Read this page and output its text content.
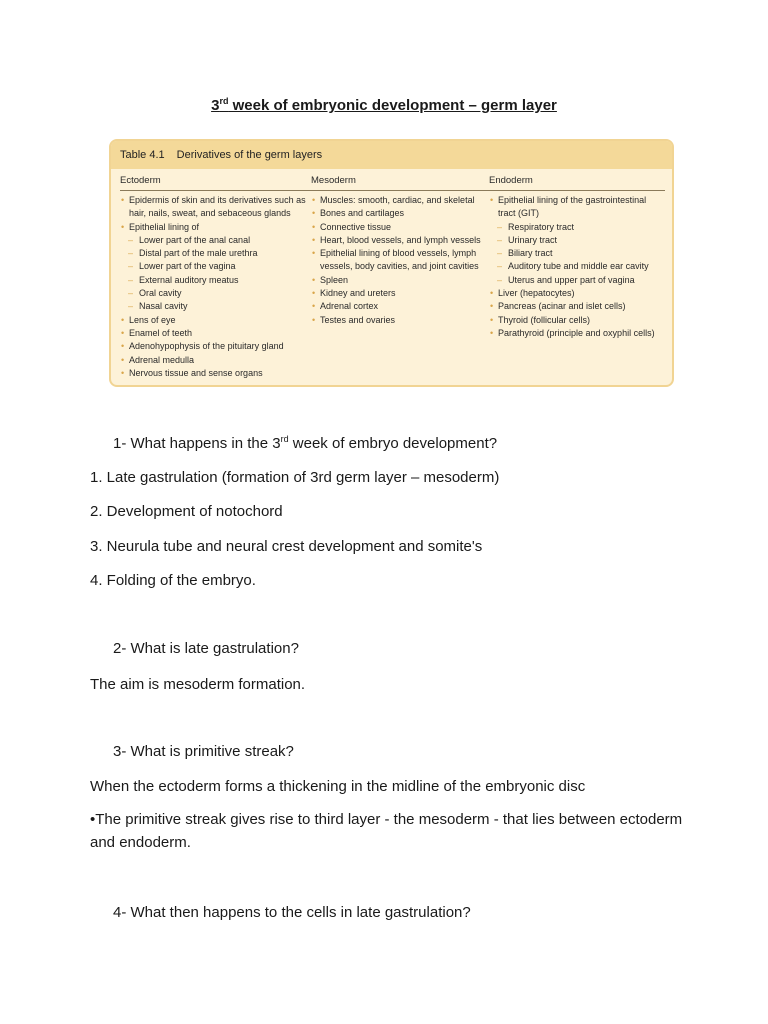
3rd week of embryonic development – germ layer
Table 4.1 Derivatives of the germ layers
Ectoderm
• Epidermis of skin and its derivatives such as
hair, nails, sweat, and sebaceous glands
• Epithelial lining of
– Lower part of the anal canal
– Distal part of the male urethra
– Lower part of the vagina
– External auditory meatus
– Oral cavity
– Nasal cavity
• Lens of eye
• Enamel of teeth
• Adenohypophysis of the pituitary gland
• Adrenal medulla
• Nervous tissue and sense organs
Mesoderm
• Muscles: smooth, cardiac, and skeletal
• Bones and cartilages
• Connective tissue
• Heart, blood vessels, and lymph vessels
• Epithelial lining of blood vessels, lymph
vessels, body cavities, and joint cavities
• Spleen
• Kidney and ureters
• Adrenal cortex
• Testes and ovaries
Endoderm
• Epithelial lining of the gastrointestinal
tract (GIT)
– Respiratory tract
– Urinary tract
– Biliary tract
– Auditory tube and middle ear cavity
– Uterus and upper part of vagina
• Liver (hepatocytes)
• Pancreas (acinar and islet cells)
• Thyroid (follicular cells)
• Parathyroid (principle and oxyphil cells)
1- What happens in the 3rd week of embryo development?
1. Late gastrulation (formation of 3rd germ layer – mesoderm)
2. Development of notochord
3. Neurula tube and neural crest development and somite's
4. Folding of the embryo.
2- What is late gastrulation?
The aim is mesoderm formation.
3- What is primitive streak?
When the ectoderm forms a thickening in the midline of the embryonic disc
•The primitive streak gives rise to third layer - the mesoderm - that lies between ectoderm and endoderm.
4- What then happens to the cells in late gastrulation?
